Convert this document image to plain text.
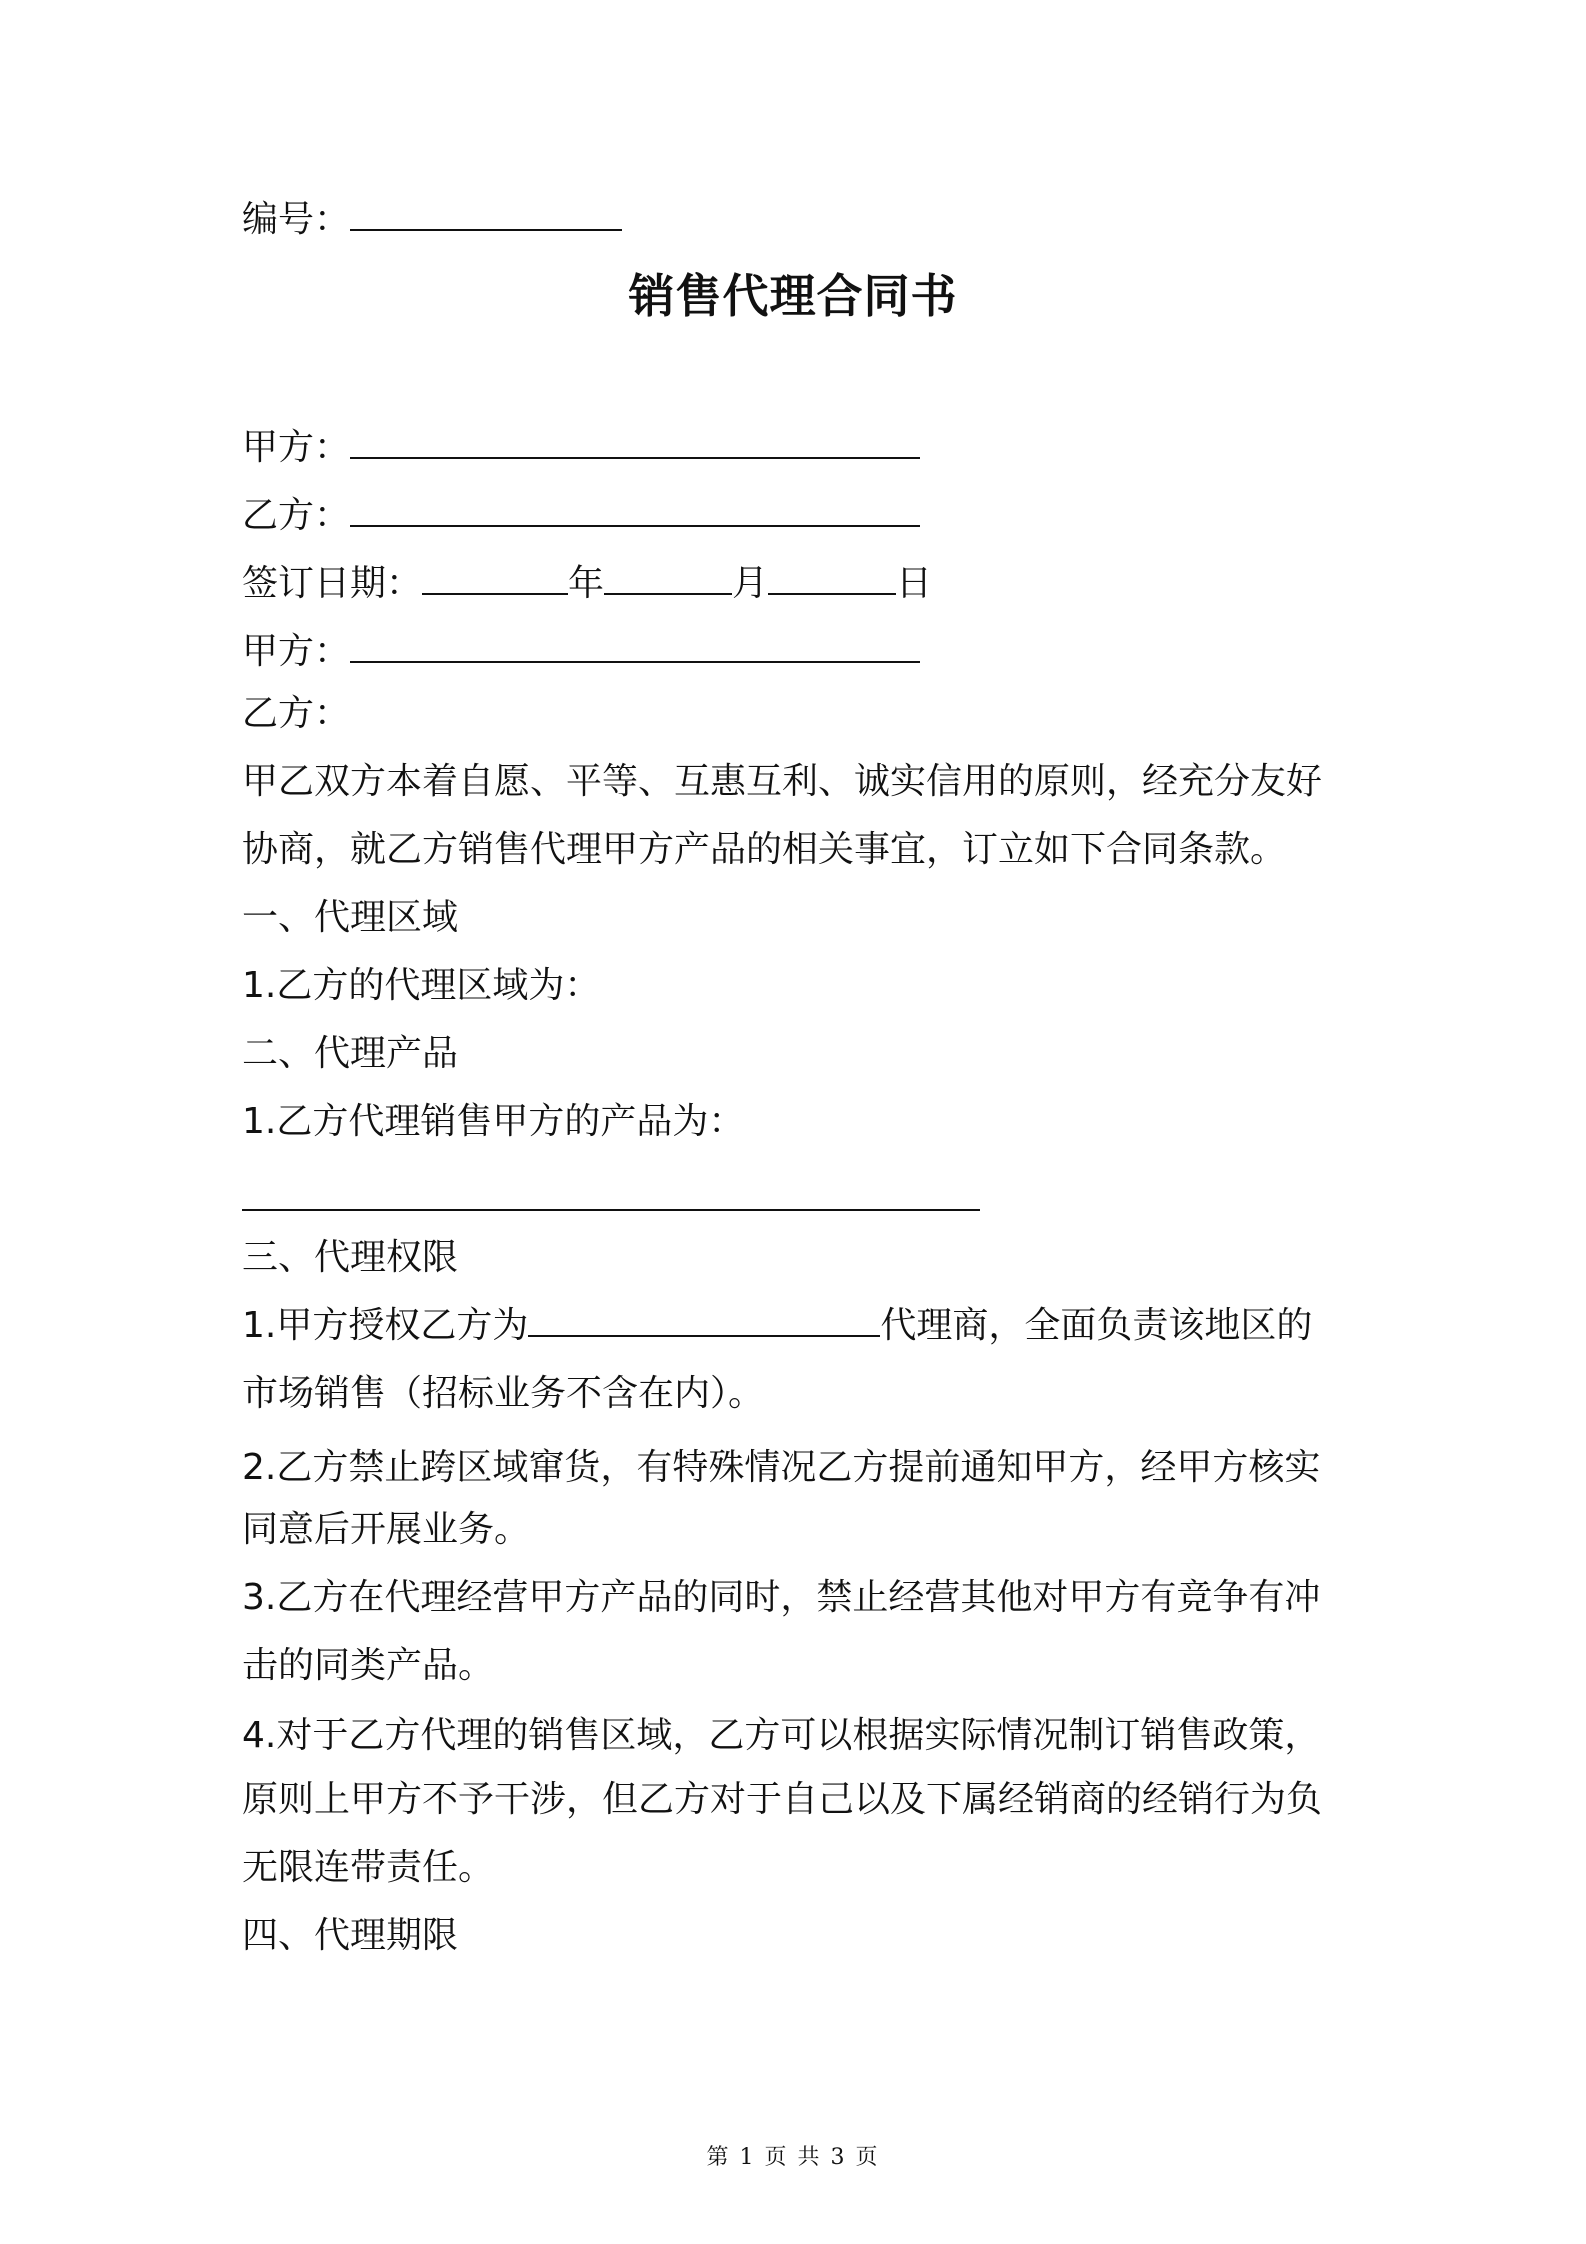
编号：

销售代理合同书

甲方：

乙方：

签订日期：	年	月	日

甲方：

乙方：

甲乙双方本着自愿、平等、互惠互利、诚实信用的原则，经充分友好

协商，就乙方销售代理甲方产品的相关事宜，订立如下合同条款。

一、代理区域

1.乙方的代理区域为：

二、代理产品

1.乙方代理销售甲方的产品为：

三、代理权限

1.甲方授权乙方为	代理商，全面负责该地区的

市场销售（招标业务不含在内）。

2.乙方禁止跨区域窜货，有特殊情况乙方提前通知甲方，经甲方核实

同意后开展业务。

3.乙方在代理经营甲方产品的同时，禁止经营其他对甲方有竞争有冲

击的同类产品。

4.对于乙方代理的销售区域，乙方可以根据实际情况制订销售政策，

原则上甲方不予干涉，但乙方对于自己以及下属经销商的经销行为负

无限连带责任。

四、代理期限

第 1 页 共 3 页
